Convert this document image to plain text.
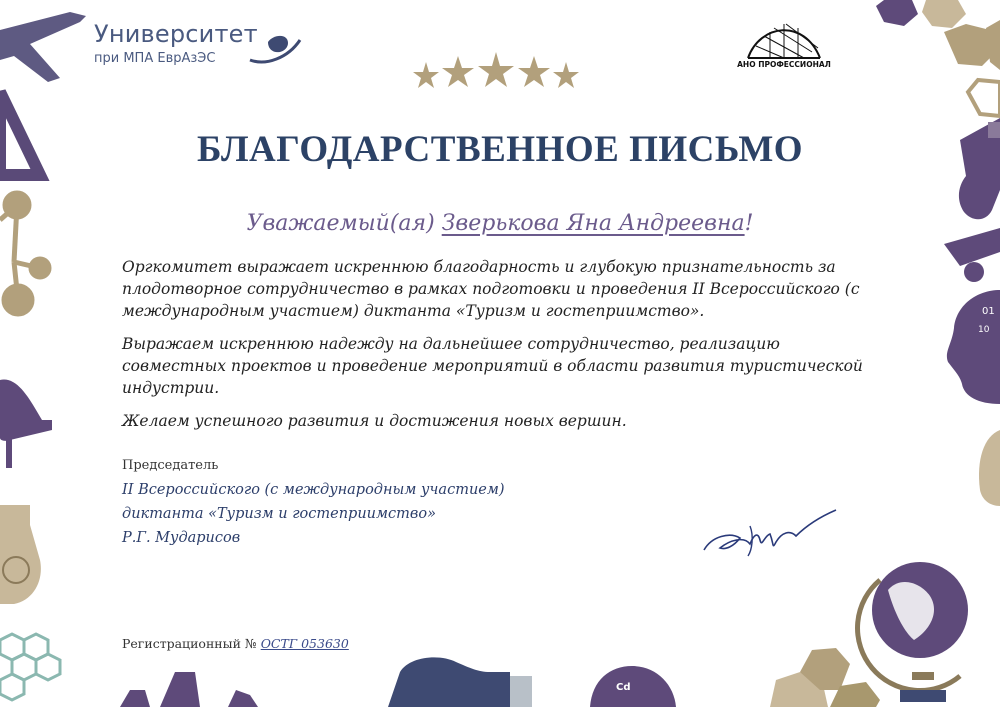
Cd
01
10
Университет
при МПА ЕврАзЭС	АНО ПРОФЕССИОНАЛ
БЛАГОДАРСТВЕННОЕ ПИСЬМО
Уважаемый(ая) Зверькова Яна Андреевна!

Оргкомитет выражает искреннюю благодарность и глубокую признательность за плодотворное сотрудничество в рамках подготовки и проведения II Всероссийского (с международным участием) диктанта «Туризм и гостеприимство».

Выражаем искреннюю надежду на дальнейшее сотрудничество, реализацию совместных проектов и проведение мероприятий в области развития туристической индустрии.

Желаем успешного развития и достижения новых вершин.

Председатель
II Всероссийского (с международным участием)
диктанта «Туризм и гостеприимство»
Р.Г. Мударисов
Регистрационный № ОСТГ 053630
